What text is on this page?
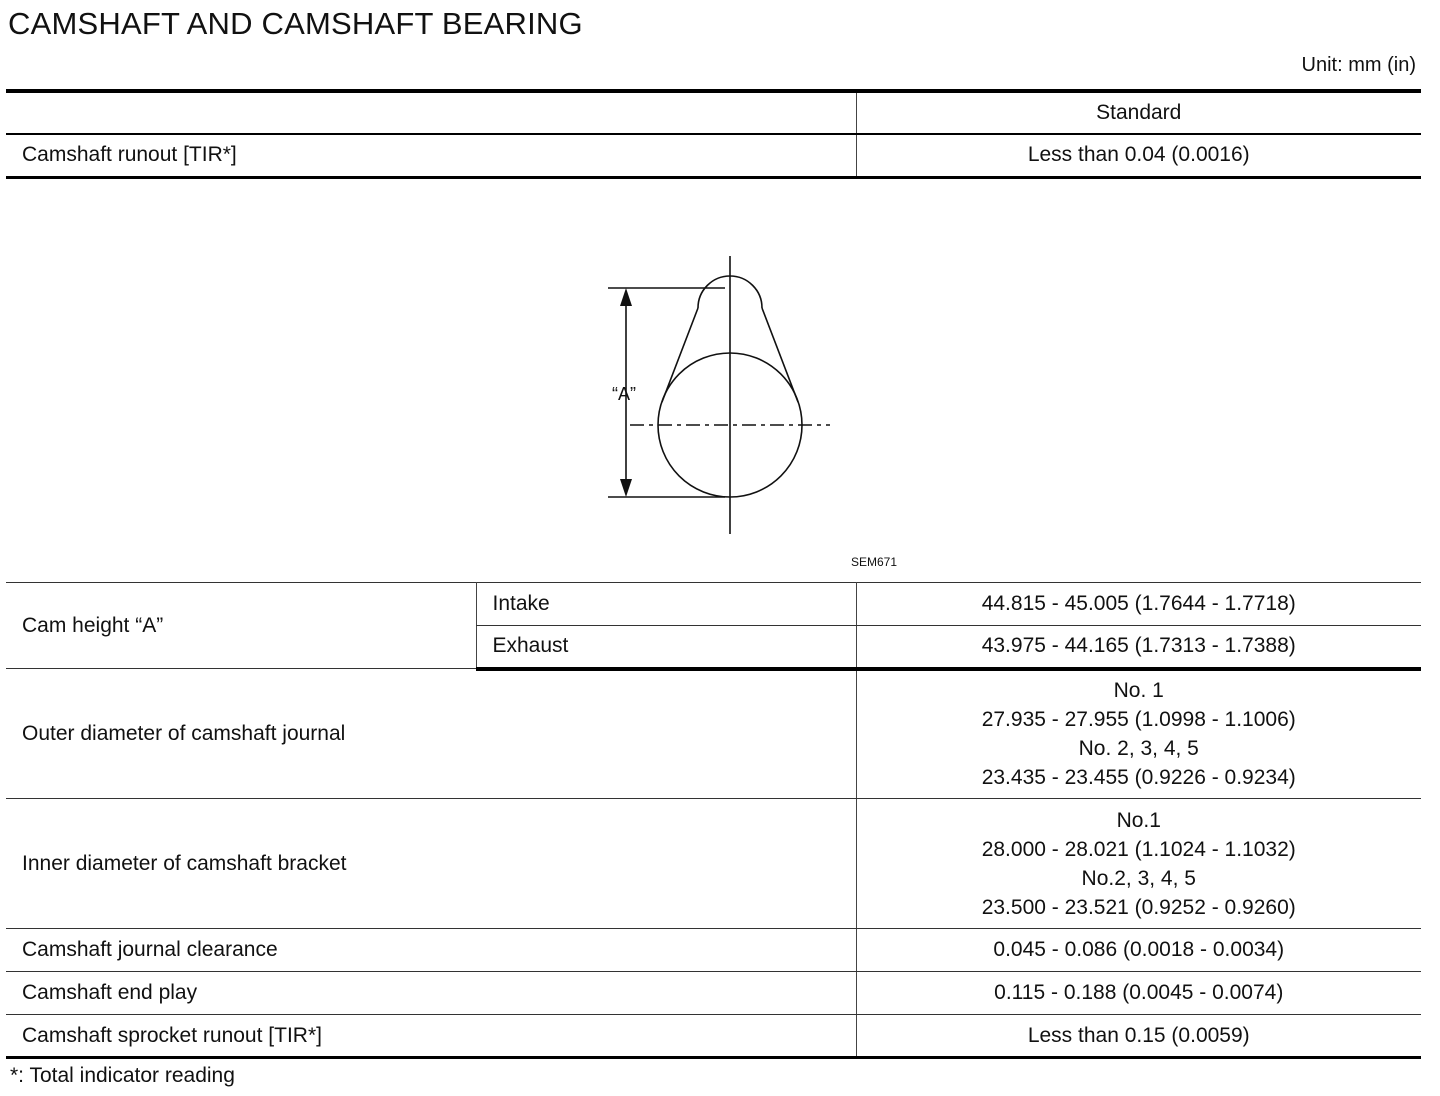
CAMSHAFT AND CAMSHAFT BEARING
Unit: mm (in)
	Standard
Camshaft runout [TIR*]	Less than 0.04 (0.0016)
“A”
SEM671
Cam height “A”	Intake	44.815 - 45.005 (1.7644 - 1.7718)
	Exhaust	43.975 - 44.165 (1.7313 - 1.7388)
Outer diameter of camshaft journal		No. 1
27.935 - 27.955 (1.0998 - 1.1006)
No. 2, 3, 4, 5
23.435 - 23.455 (0.9226 - 0.9234)

Inner diameter of camshaft bracket		No.1
28.000 - 28.021 (1.1024 - 1.1032)
No.2, 3, 4, 5
23.500 - 23.521 (0.9252 - 0.9260)

Camshaft journal clearance		0.045 - 0.086 (0.0018 - 0.0034)
Camshaft end play		0.115 - 0.188 (0.0045 - 0.0074)
Camshaft sprocket runout [TIR*]		Less than 0.15 (0.0059)
*: Total indicator reading
